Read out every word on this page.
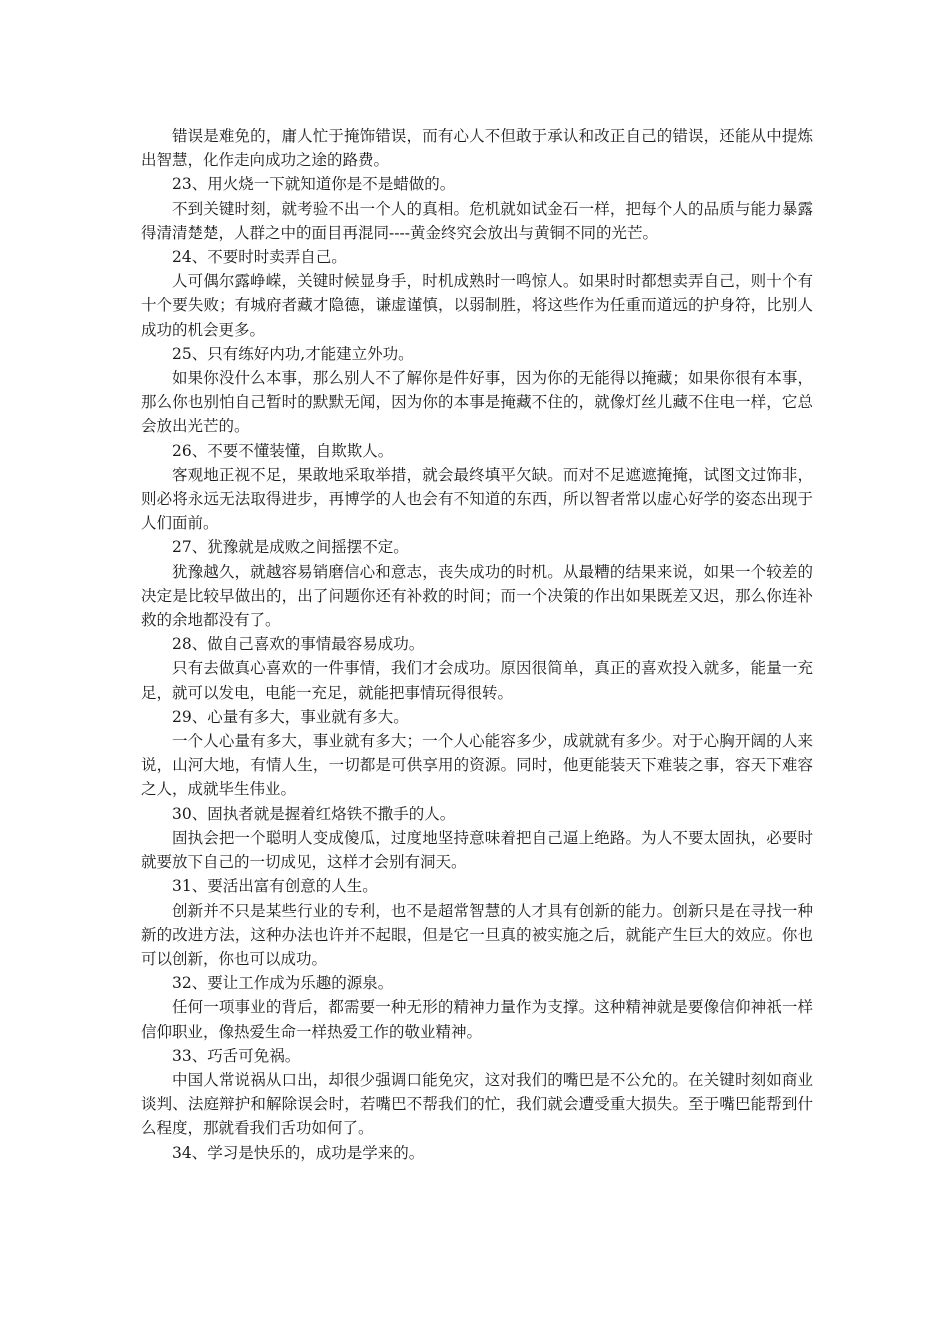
错误是难免的，庸人忙于掩饰错误，而有心人不但敢于承认和改正自己的错误，还能从中提炼出智慧，化作走向成功之途的路费。

23、用火烧一下就知道你是不是蜡做的。

不到关键时刻，就考验不出一个人的真相。危机就如试金石一样，把每个人的品质与能力暴露得清清楚楚，人群之中的面目再混同----黄金终究会放出与黄铜不同的光芒。

24、不要时时卖弄自己。

人可偶尔露峥嵘，关键时候显身手，时机成熟时一鸣惊人。如果时时都想卖弄自己，则十个有十个要失败；有城府者藏才隐德，谦虚谨慎，以弱制胜，将这些作为任重而道远的护身符，比别人成功的机会更多。

25、只有练好内功,才能建立外功。

如果你没什么本事，那么别人不了解你是件好事，因为你的无能得以掩藏；如果你很有本事，那么你也别怕自己暂时的默默无闻，因为你的本事是掩藏不住的，就像灯丝儿藏不住电一样，它总会放出光芒的。

26、不要不懂装懂，自欺欺人。

客观地正视不足，果敢地采取举措，就会最终填平欠缺。而对不足遮遮掩掩，试图文过饰非，则必将永远无法取得进步，再博学的人也会有不知道的东西，所以智者常以虚心好学的姿态出现于人们面前。

27、犹豫就是成败之间摇摆不定。

犹豫越久，就越容易销磨信心和意志，丧失成功的时机。从最糟的结果来说，如果一个较差的决定是比较早做出的，出了问题你还有补救的时间；而一个决策的作出如果既差又迟，那么你连补救的余地都没有了。

28、做自己喜欢的事情最容易成功。

只有去做真心喜欢的一件事情，我们才会成功。原因很简单，真正的喜欢投入就多，能量一充足，就可以发电，电能一充足，就能把事情玩得很转。

29、心量有多大，事业就有多大。

一个人心量有多大，事业就有多大；一个人心能容多少，成就就有多少。对于心胸开阔的人来说，山河大地，有情人生，一切都是可供享用的资源。同时，他更能装天下难装之事，容天下难容之人，成就毕生伟业。

30、固执者就是握着红烙铁不撒手的人。

固执会把一个聪明人变成傻瓜，过度地坚持意味着把自己逼上绝路。为人不要太固执，必要时就要放下自己的一切成见，这样才会别有洞天。

31、要活出富有创意的人生。

创新并不只是某些行业的专利，也不是超常智慧的人才具有创新的能力。创新只是在寻找一种新的改进方法，这种办法也许并不起眼，但是它一旦真的被实施之后，就能产生巨大的效应。你也可以创新，你也可以成功。

32、要让工作成为乐趣的源泉。

任何一项事业的背后，都需要一种无形的精神力量作为支撑。这种精神就是要像信仰神祇一样信仰职业，像热爱生命一样热爱工作的敬业精神。

33、巧舌可免祸。

中国人常说祸从口出，却很少强调口能免灾，这对我们的嘴巴是不公允的。在关键时刻如商业谈判、法庭辩护和解除误会时，若嘴巴不帮我们的忙，我们就会遭受重大损失。至于嘴巴能帮到什么程度，那就看我们舌功如何了。

34、学习是快乐的，成功是学来的。
